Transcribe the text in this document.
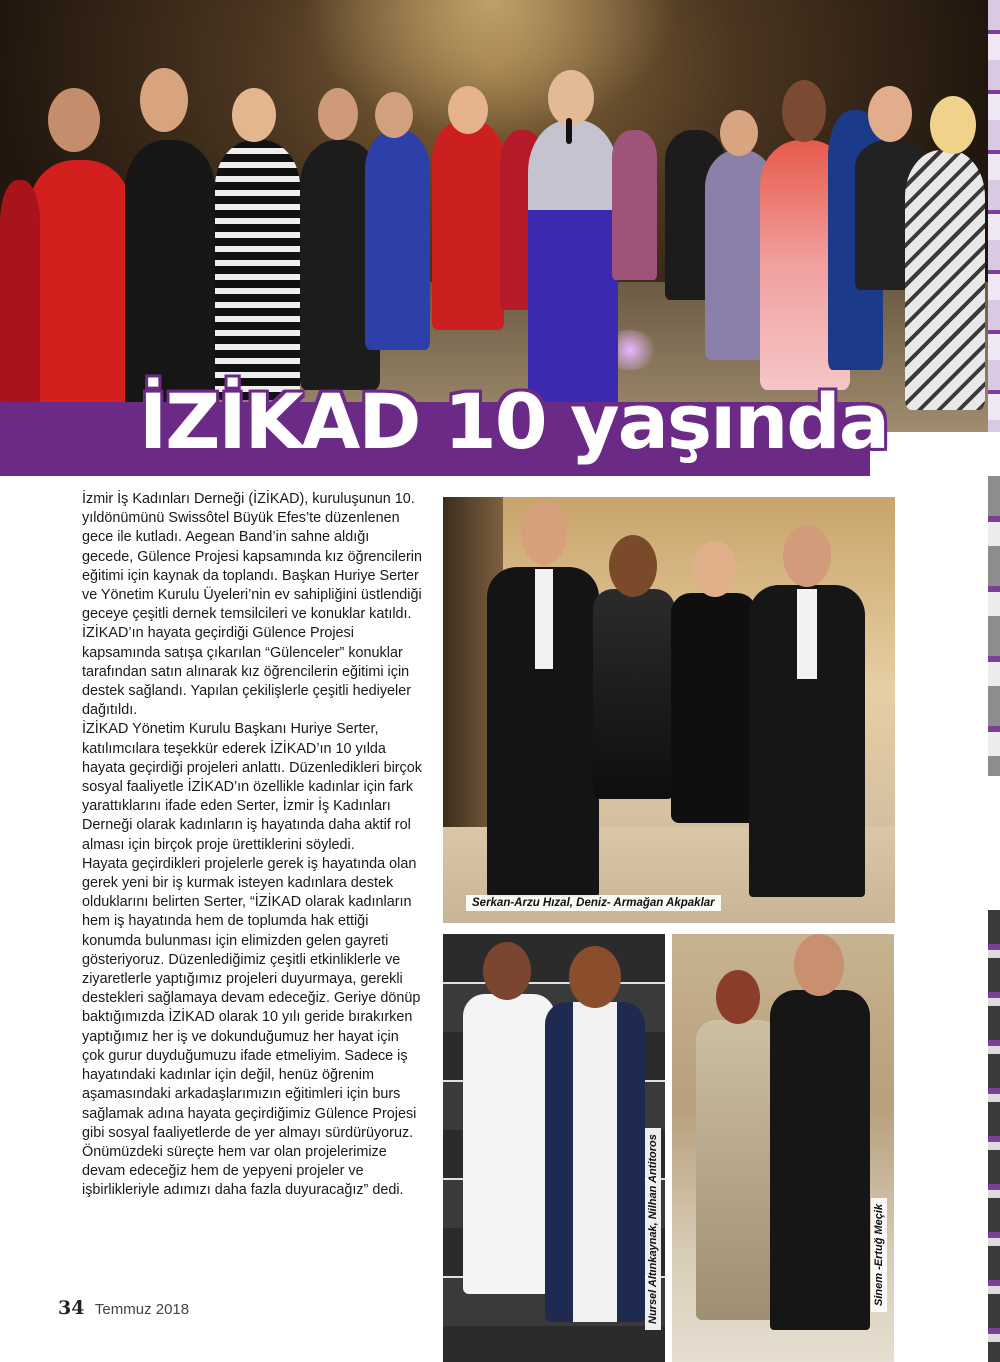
İZİKAD 10 yaşında

İzmir İş Kadınları Derneği (İZİKAD), kuruluşunun 10. yıldönümünü Swissôtel Büyük Efes’te düzenlenen gece ile kutladı. Aegean Band’in sahne aldığı gecede, Gülence Projesi kapsamında kız öğrencilerin eğitimi için kaynak da toplandı. Başkan Huriye Serter ve Yönetim Kurulu Üyeleri’nin ev sahipliğini üstlendiği geceye çeşitli dernek temsilcileri ve konuklar katıldı. İZİKAD’ın hayata geçirdiği Gülence Projesi kapsamında satışa çıkarılan “Gülenceler” konuklar tarafından satın alınarak kız öğrencilerin eğitimi için destek sağlandı. Yapılan çekilişlerle çeşitli hediyeler dağıtıldı.

İZİKAD Yönetim Kurulu Başkanı Huriye Serter, katılımcılara teşekkür ederek İZİKAD’ın 10 yılda hayata geçirdiği projeleri anlattı. Düzenledikleri birçok sosyal faaliyetle İZİKAD’ın özellikle kadınlar için fark yarattıklarını ifade eden Serter, İzmir İş Kadınları Derneği olarak kadınların iş hayatında daha aktif rol alması için birçok proje ürettiklerini söyledi.

Hayata geçirdikleri projelerle gerek iş hayatında olan gerek yeni bir iş kurmak isteyen kadınlara destek olduklarını belirten Serter, “İZİKAD olarak kadınların hem iş hayatında hem de toplumda hak ettiği konumda bulunması için elimizden gelen gayreti gösteriyoruz. Düzenlediğimiz çeşitli etkinliklerle ve ziyaretlerle yaptığımız projeleri duyurmaya, gerekli destekleri sağlamaya devam edeceğiz. Geriye dönüp baktığımızda İZİKAD olarak 10 yılı geride bırakırken yaptığımız her iş ve dokunduğumuz her hayat için çok gurur duyduğumuzu ifade etmeliyim. Sadece iş hayatındaki kadınlar için değil, henüz öğrenim aşamasındaki arkadaşlarımızın eğitimleri için burs sağlamak adına hayata geçirdiğimiz Gülence Projesi gibi sosyal faaliyetlerde de yer almayı sürdürüyoruz. Önümüzdeki süreçte hem var olan projelerimize devam edeceğiz hem de yepyeni projeler ve işbirlikleriyle adımızı daha fazla duyuracağız” dedi.

34 Temmuz 2018
Serkan-Arzu Hızal, Deniz- Armağan Akpaklar
Nursel Altınkaynak, Nilhan Antitoros	Sinem -Ertuğ Meçik
